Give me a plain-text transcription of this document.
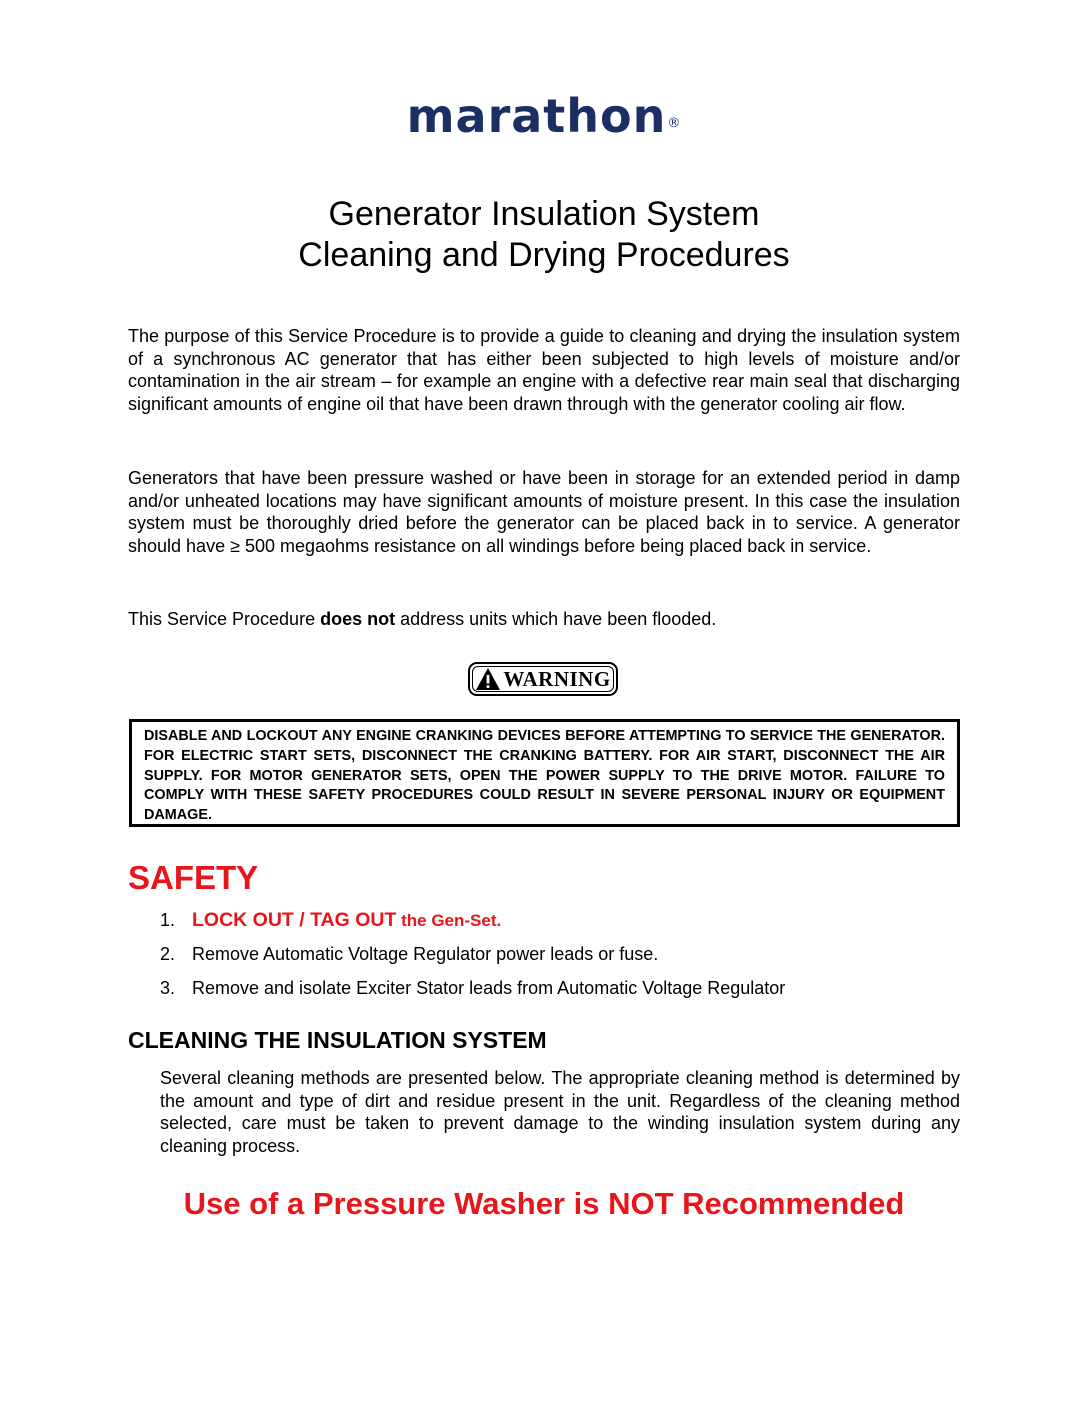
marathon®
Generator Insulation System
Cleaning and Drying Procedures

The purpose of this Service Procedure is to provide a guide to cleaning and drying the insulation system of a synchronous AC generator that has either been subjected to high levels of moisture and/or contamination in the air stream – for example an engine with a defective rear main seal that discharging significant amounts of engine oil that have been drawn through with the generator cooling air flow.

Generators that have been pressure washed or have been in storage for an extended period in damp and/or unheated locations may have significant amounts of moisture present. In this case the insulation system must be thoroughly dried before the generator can be placed back in to service. A generator should have ≥ 500 megaohms resistance on all windings before being placed back in service.

This Service Procedure does not address units which have been flooded.

WARNING

DISABLE AND LOCKOUT ANY ENGINE CRANKING DEVICES BEFORE ATTEMPTING TO SERVICE THE GENERATOR. FOR ELECTRIC START SETS, DISCONNECT THE CRANKING BATTERY. FOR AIR START, DISCONNECT THE AIR SUPPLY. FOR MOTOR GENERATOR SETS, OPEN THE POWER SUPPLY TO THE DRIVE MOTOR. FAILURE TO COMPLY WITH THESE SAFETY PROCEDURES COULD RESULT IN SEVERE PERSONAL INJURY OR EQUIPMENT DAMAGE.

SAFETY
1. LOCK OUT / TAG OUT the Gen-Set.
2. Remove Automatic Voltage Regulator power leads or fuse.
3. Remove and isolate Exciter Stator leads from Automatic Voltage Regulator
CLEANING THE INSULATION SYSTEM

Several cleaning methods are presented below. The appropriate cleaning method is determined by the amount and type of dirt and residue present in the unit. Regardless of the cleaning method selected, care must be taken to prevent damage to the winding insulation system during any cleaning process.

Use of a Pressure Washer is NOT Recommended
